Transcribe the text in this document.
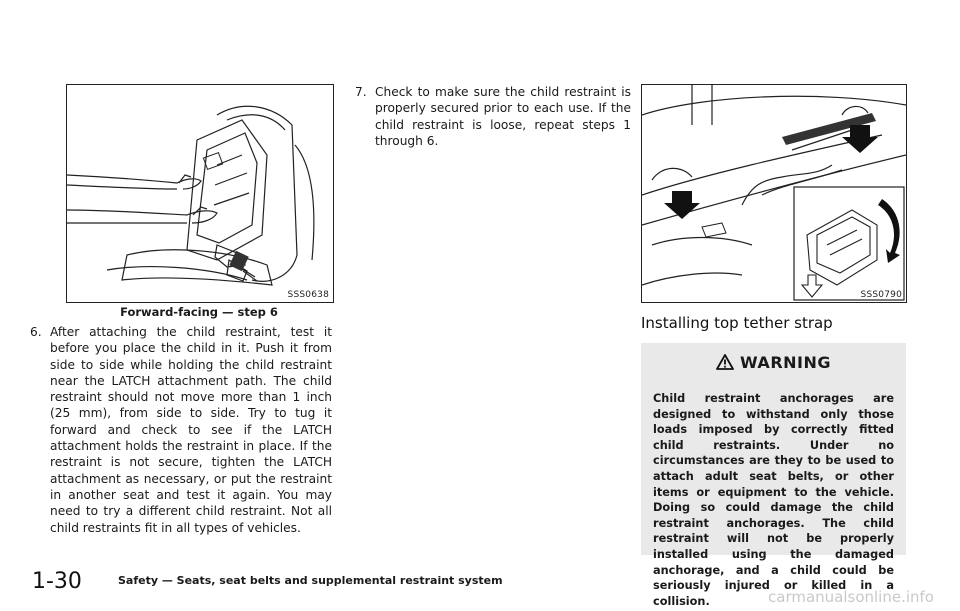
SSS0638
Forward-facing — step 6
6. After attaching the child restraint, test it before you place the child in it. Push it from side to side while holding the child restraint near the LATCH attachment path. The child restraint should not move more than 1 inch (25 mm), from side to side. Try to tug it forward and check to see if the LATCH attachment holds the restraint in place. If the restraint is not secure, tighten the LATCH attachment as necessary, or put the restraint in another seat and test it again. You may need to try a different child restraint. Not all child restraints fit in all types of vehicles.
7. Check to make sure the child restraint is properly secured prior to each use. If the child restraint is loose, repeat steps 1 through 6.
SSS0790
Installing top tether strap
WARNING
Child restraint anchorages are designed to withstand only those loads imposed by correctly fitted child restraints. Under no circumstances are they to be used to attach adult seat belts, or other items or equipment to the vehicle. Doing so could damage the child restraint anchorages. The child restraint will not be properly installed using the damaged anchorage, and a child could be seriously injured or killed in a collision.
1-30	Safety — Seats, seat belts and supplemental restraint system
carmanualsonline.info
